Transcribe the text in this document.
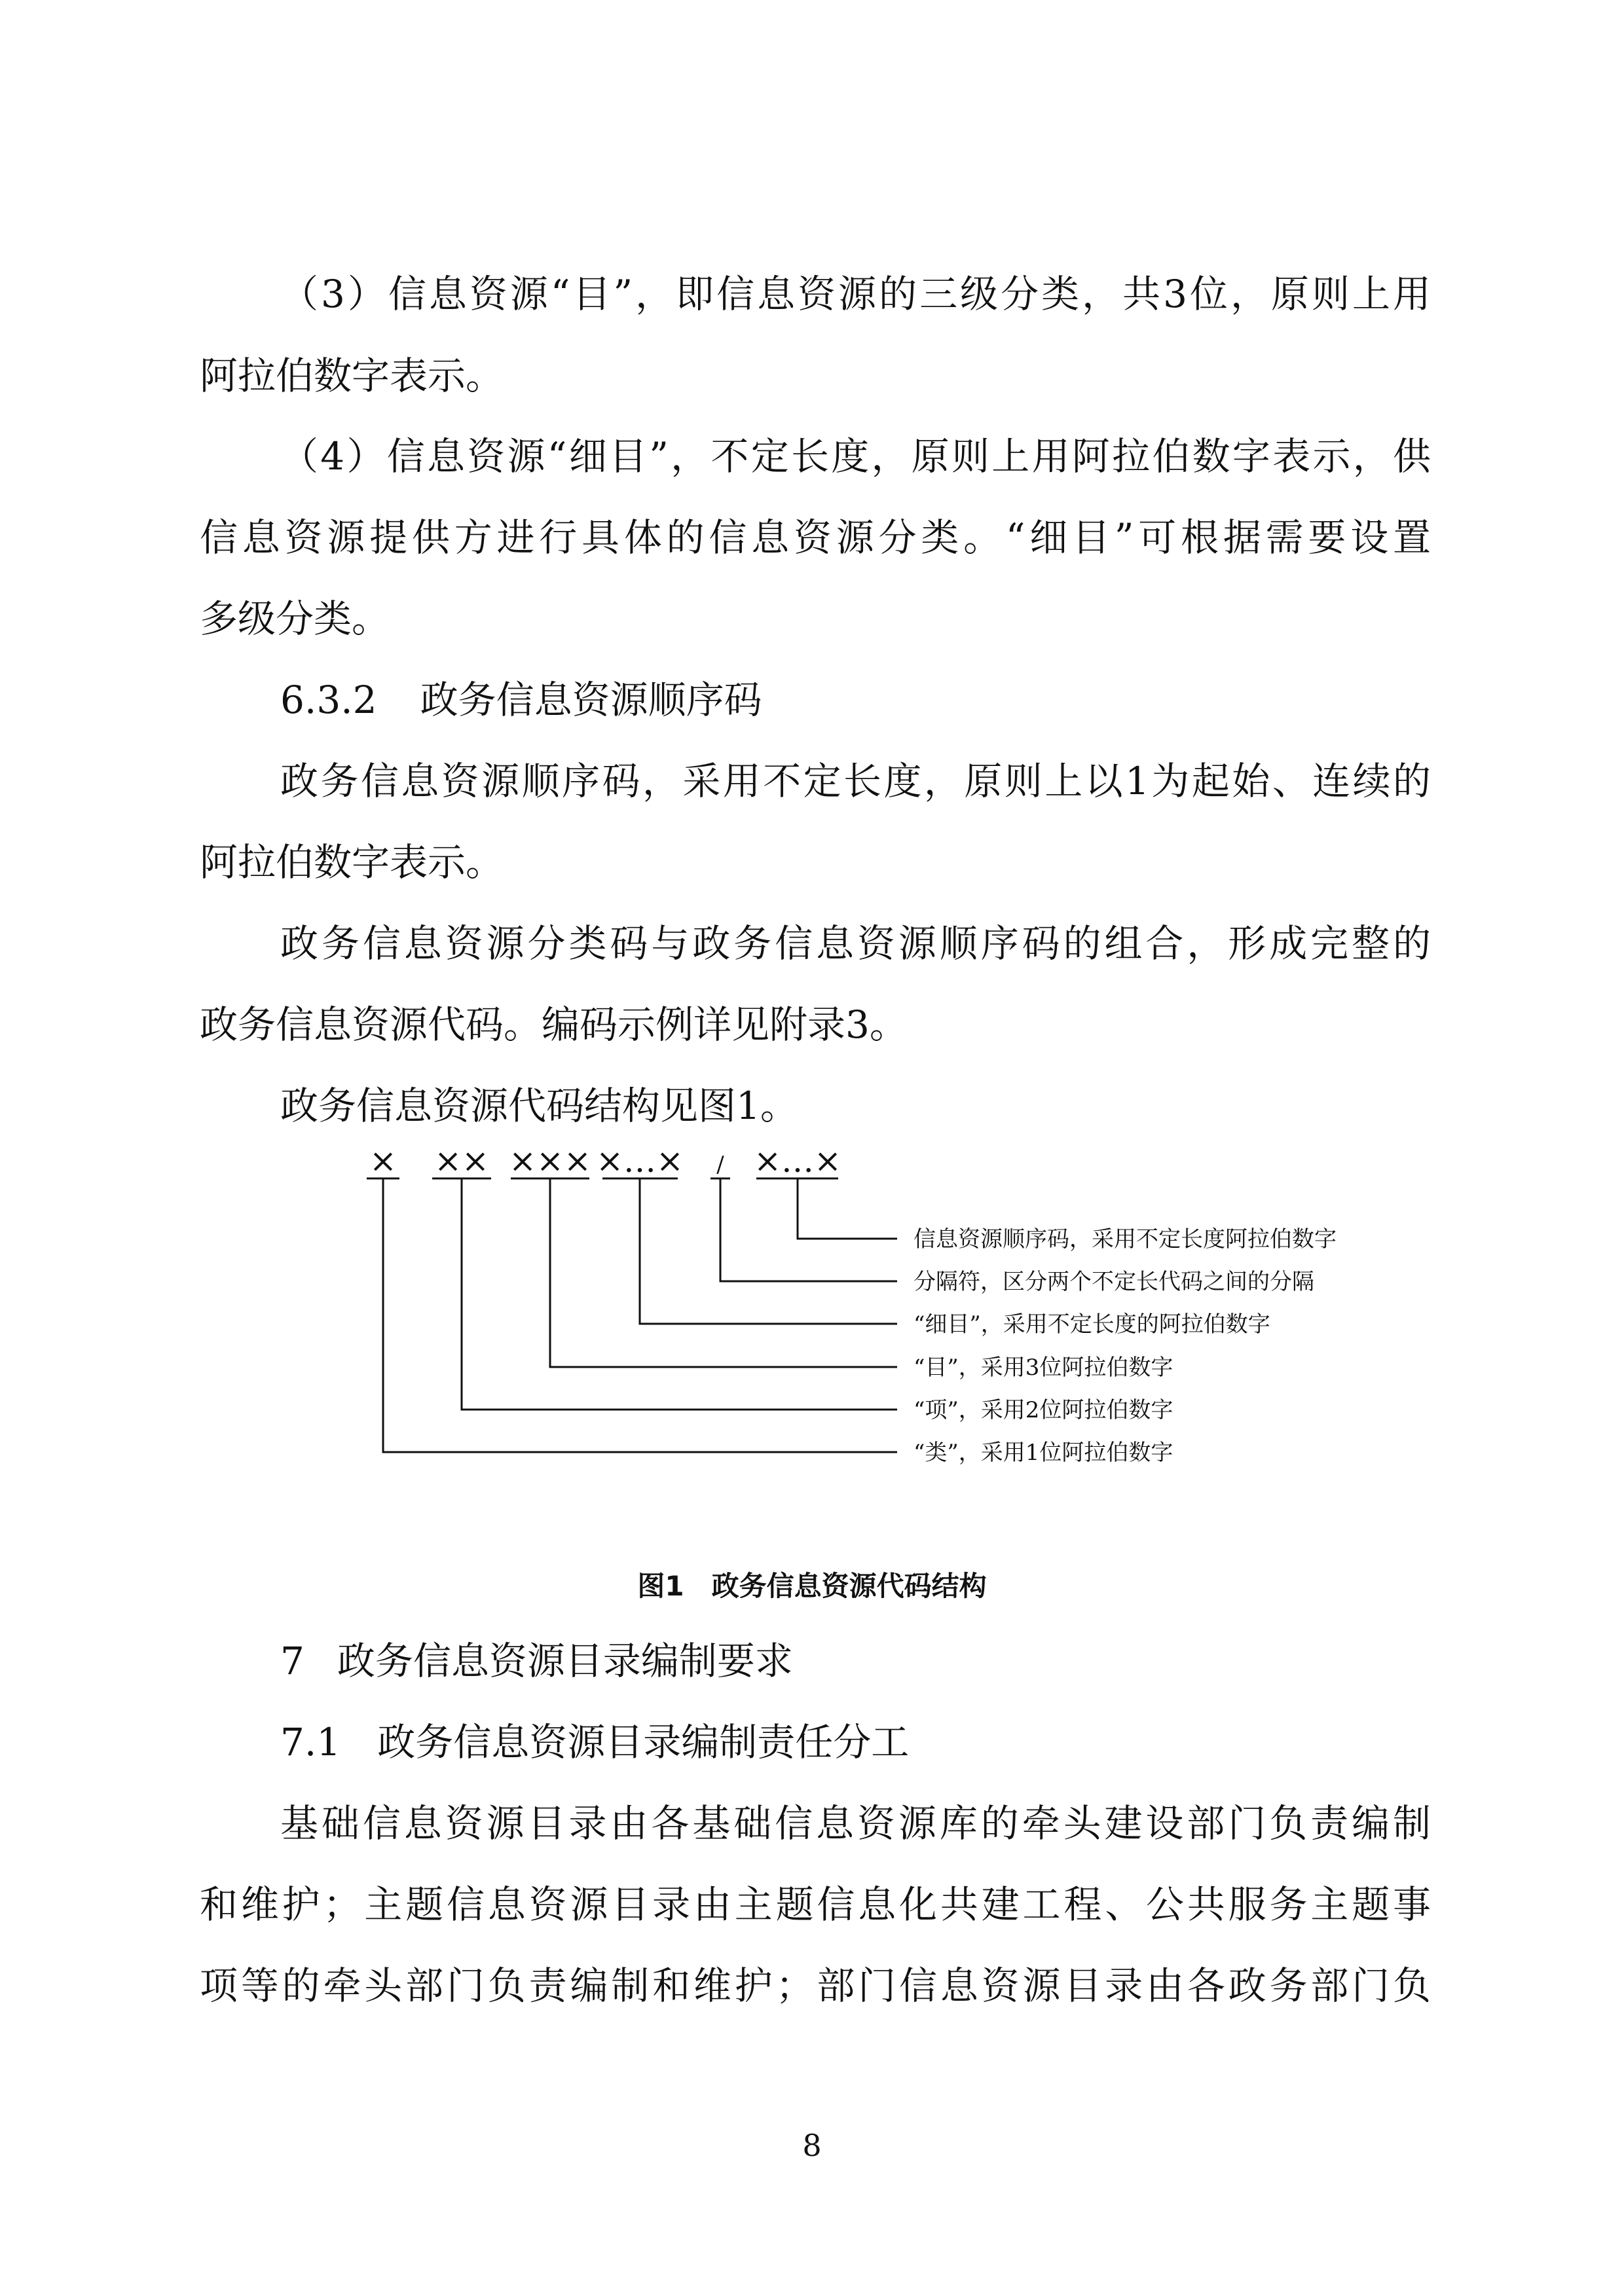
（3）信息资源“目”，即信息资源的三级分类，共3位，原则上用
阿拉伯数字表示。
（4）信息资源“细目”，不定长度，原则上用阿拉伯数字表示，供
信息资源提供方进行具体的信息资源分类。“细目”可根据需要设置
多级分类。
6.3.2 政务信息资源顺序码
政务信息资源顺序码，采用不定长度，原则上以1为起始、连续的
阿拉伯数字表示。
政务信息资源分类码与政务信息资源顺序码的组合，形成完整的
政务信息资源代码。编码示例详见附录3。
政务信息资源代码结构见图1。
× ×× ××× ×…× / ×…×
信息资源顺序码，采用不定长度阿拉伯数字
分隔符，区分两个不定长代码之间的分隔
“细目”，采用不定长度的阿拉伯数字
“目”，采用3位阿拉伯数字
“项”，采用2位阿拉伯数字
“类”，采用1位阿拉伯数字
图1　政务信息资源代码结构
7 政务信息资源目录编制要求
7.1 政务信息资源目录编制责任分工
基础信息资源目录由各基础信息资源库的牵头建设部门负责编制
和维护；主题信息资源目录由主题信息化共建工程、公共服务主题事
项等的牵头部门负责编制和维护；部门信息资源目录由各政务部门负
8
